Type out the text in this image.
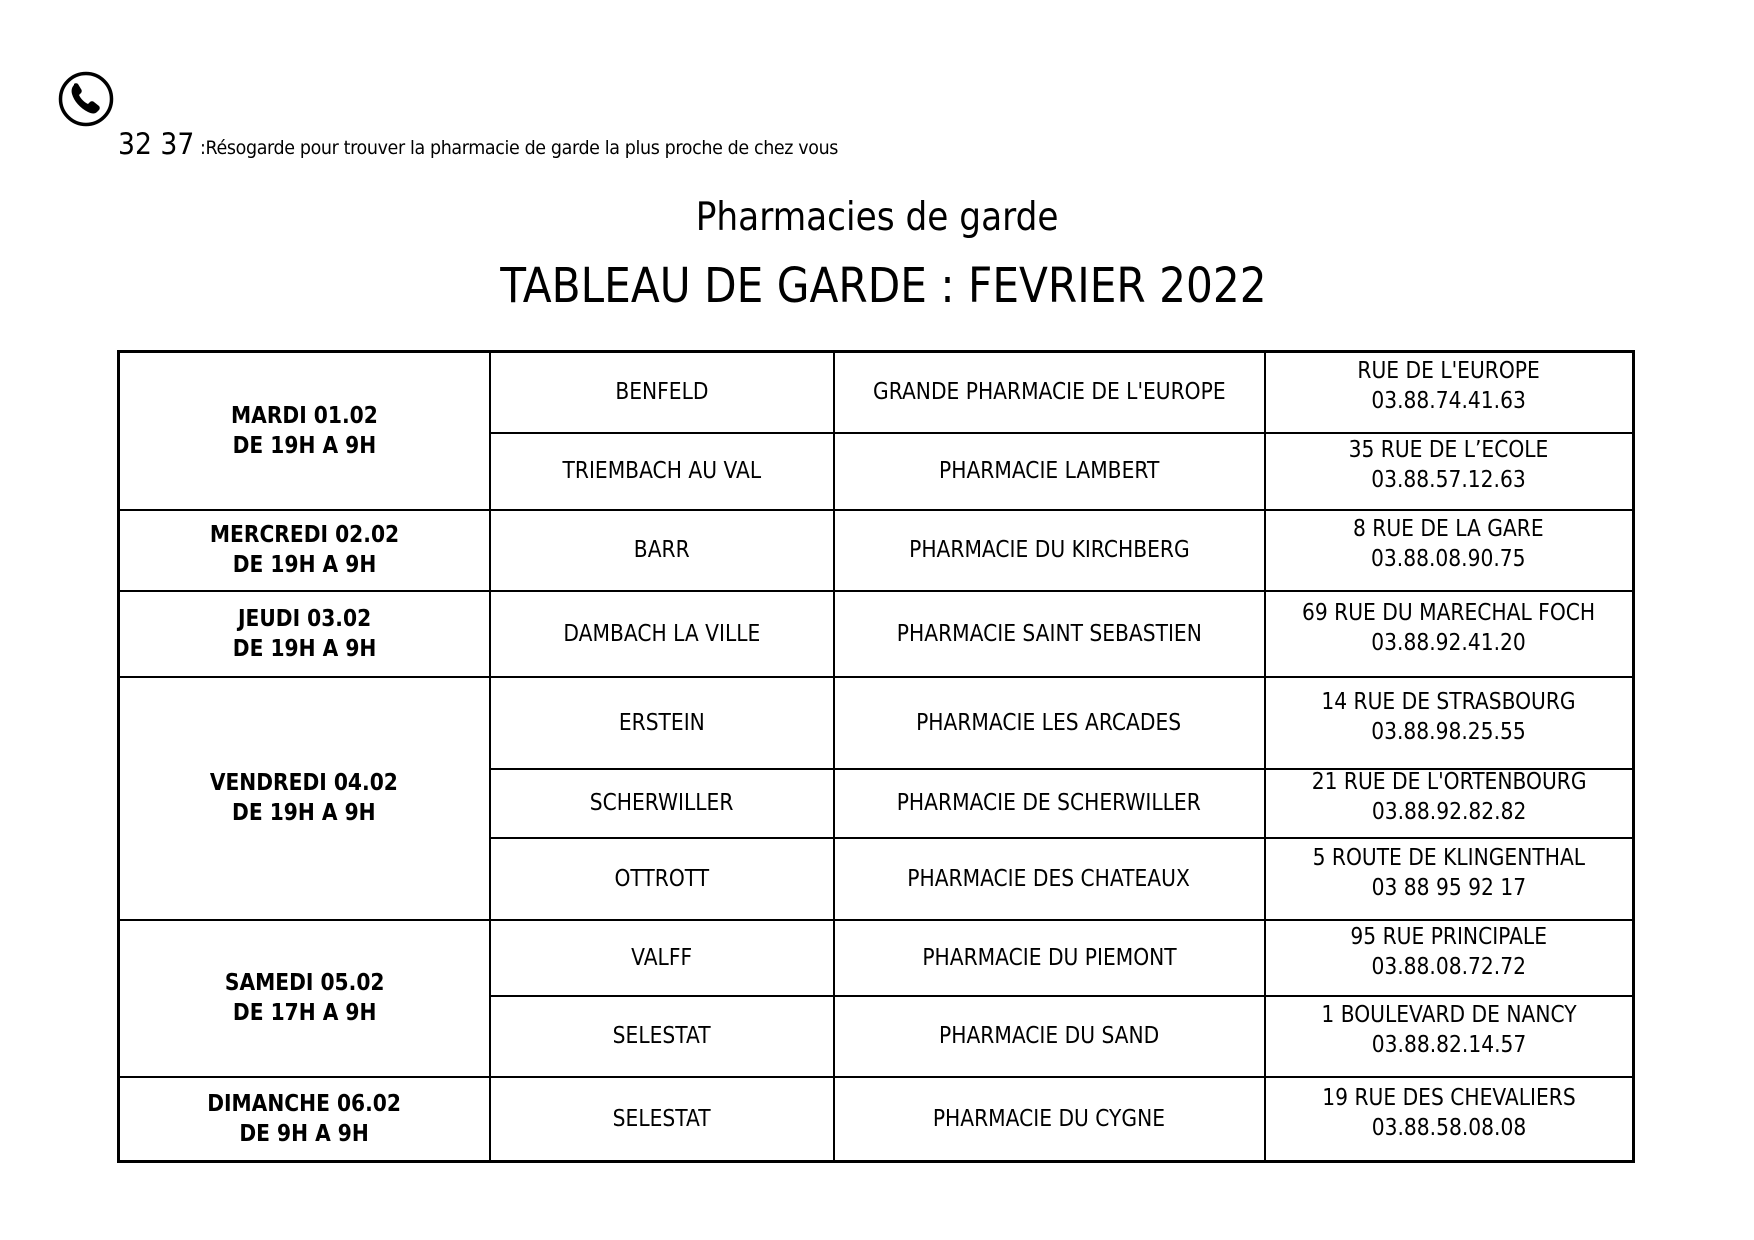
32 37 :Résogarde pour trouver la pharmacie de garde la plus proche de chez vous
Pharmacies de garde
TABLEAU DE GARDE : FEVRIER 2022
MARDI 01.02
DE 19H A 9H	BENFELD	GRANDE PHARMACIE DE L'EUROPE	RUE DE L'EUROPE
03.88.74.41.63
	TRIEMBACH AU VAL	PHARMACIE LAMBERT	35 RUE DE L’ECOLE
03.88.57.12.63
MERCREDI 02.02
DE 19H A 9H	BARR	PHARMACIE DU KIRCHBERG	8 RUE DE LA GARE
03.88.08.90.75
JEUDI 03.02
DE 19H A 9H	DAMBACH LA VILLE	PHARMACIE SAINT SEBASTIEN	69 RUE DU MARECHAL FOCH
03.88.92.41.20
VENDREDI 04.02
DE 19H A 9H	ERSTEIN	PHARMACIE LES ARCADES	14 RUE DE STRASBOURG
03.88.98.25.55
	SCHERWILLER	PHARMACIE DE SCHERWILLER	21 RUE DE L'ORTENBOURG
03.88.92.82.82
	OTTROTT	PHARMACIE DES CHATEAUX	5 ROUTE DE KLINGENTHAL
03 88 95 92 17
SAMEDI 05.02
DE 17H A 9H	VALFF	PHARMACIE DU PIEMONT	95 RUE PRINCIPALE
03.88.08.72.72
	SELESTAT	PHARMACIE DU SAND	1 BOULEVARD DE NANCY
03.88.82.14.57
DIMANCHE 06.02
DE 9H A 9H	SELESTAT	PHARMACIE DU CYGNE	19 RUE DES CHEVALIERS
03.88.58.08.08
